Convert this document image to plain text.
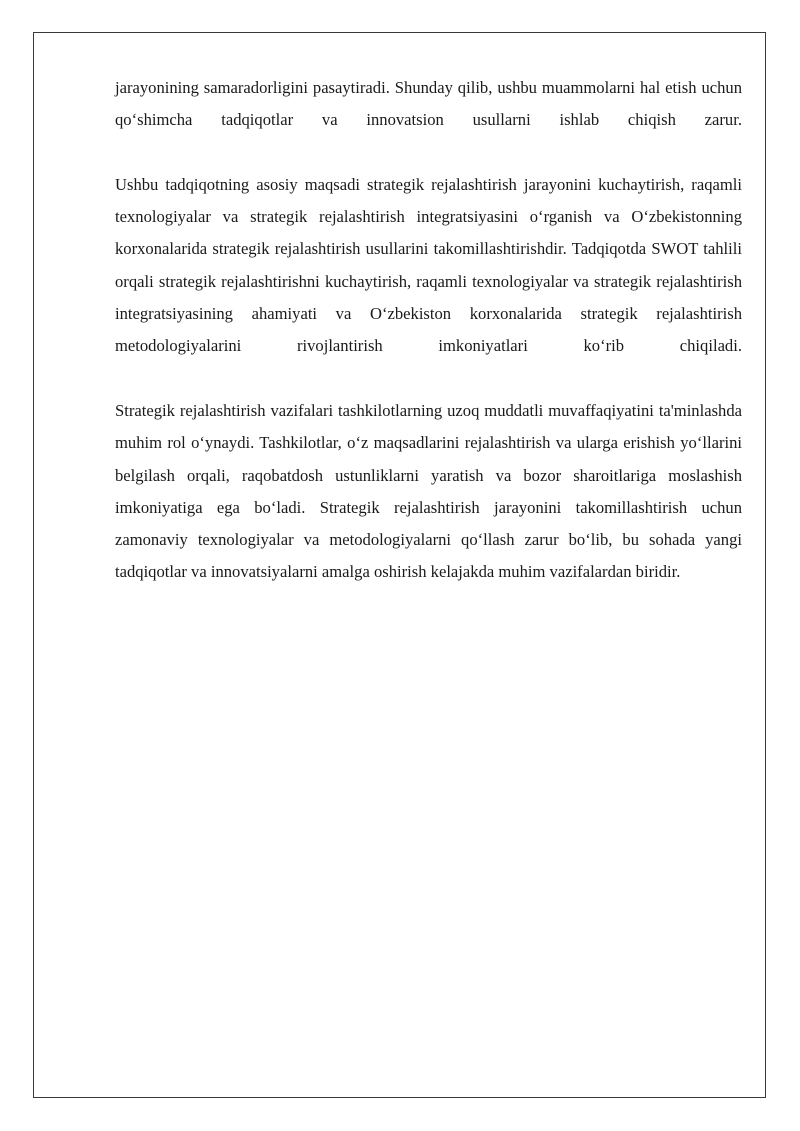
jarayonining samaradorligini pasaytiradi. Shunday qilib, ushbu muammolarni hal etish uchun qo‘shimcha tadqiqotlar va innovatsion usullarni ishlab chiqish zarur.

Ushbu tadqiqotning asosiy maqsadi strategik rejalashtirish jarayonini kuchaytirish, raqamli texnologiyalar va strategik rejalashtirish integratsiyasini o‘rganish va O‘zbekistonning korxonalarida strategik rejalashtirish usullarini takomillashtirishdir. Tadqiqotda SWOT tahlili orqali strategik rejalashtirishni kuchaytirish, raqamli texnologiyalar va strategik rejalashtirish integratsiyasining ahamiyati va O‘zbekiston korxonalarida strategik rejalashtirish metodologiyalarini rivojlantirish imkoniyatlari ko‘rib chiqiladi.

Strategik rejalashtirish vazifalari tashkilotlarning uzoq muddatli muvaffaqiyatini ta'minlashda muhim rol o‘ynaydi. Tashkilotlar, o‘z maqsadlarini rejalashtirish va ularga erishish yo‘llarini belgilash orqali, raqobatdosh ustunliklarni yaratish va bozor sharoitlariga moslashish imkoniyatiga ega bo‘ladi. Strategik rejalashtirish jarayonini takomillashtirish uchun zamonaviy texnologiyalar va metodologiyalarni qo‘llash zarur bo‘lib, bu sohada yangi tadqiqotlar va innovatsiyalarni amalga oshirish kelajakda muhim vazifalardan biridir.
